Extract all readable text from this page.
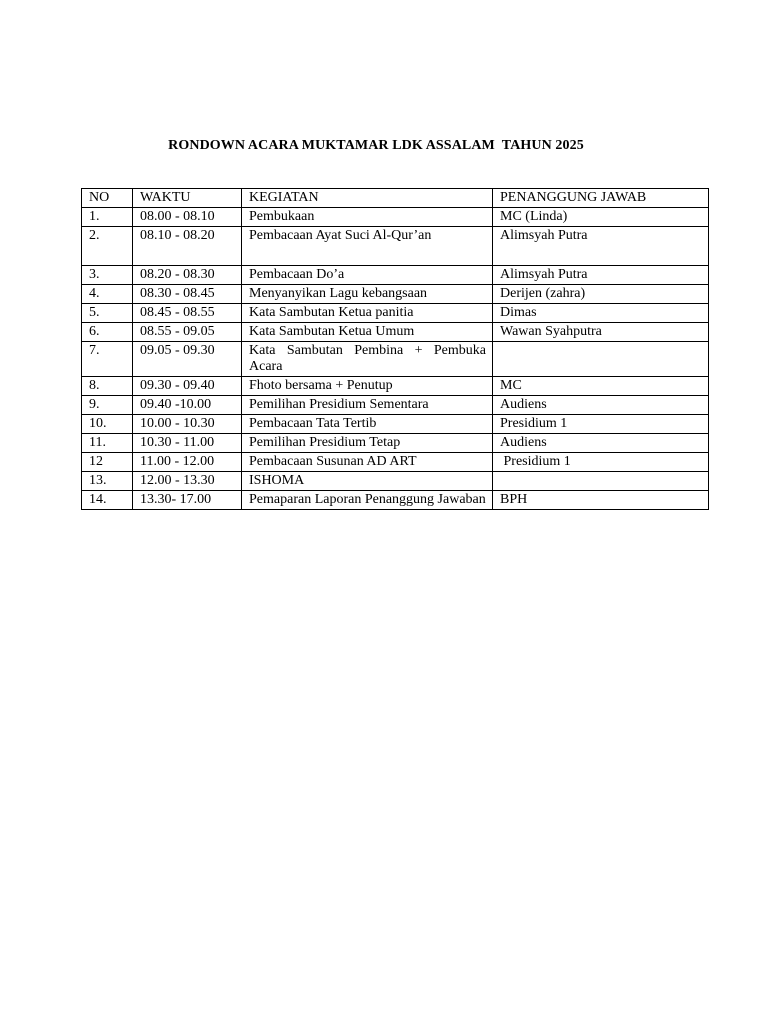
RONDOWN ACARA MUKTAMAR LDK ASSALAM  TAHUN 2025
NO	WAKTU	KEGIATAN	PENANGGUNG JAWAB
1.	08.00 - 08.10	Pembukaan	MC (Linda)
2.	08.10 - 08.20	Pembacaan Ayat Suci Al-Qur’an	Alimsyah Putra
3.	08.20 - 08.30	Pembacaan Do’a	Alimsyah Putra
4.	08.30 - 08.45	Menyanyikan Lagu kebangsaan	Derijen (zahra)
5.	08.45 - 08.55	Kata Sambutan Ketua panitia	Dimas
6.	08.55 - 09.05	Kata Sambutan Ketua Umum	Wawan Syahputra
7.	09.05 - 09.30	Kata Sambutan Pembina + Pembuka Acara	
8.	09.30 - 09.40	Fhoto bersama + Penutup	MC
9.	09.40 -10.00	Pemilihan Presidium Sementara	Audiens
10.	10.00 - 10.30	Pembacaan Tata Tertib	Presidium 1
11.	10.30 - 11.00	Pemilihan Presidium Tetap	Audiens
12	11.00 - 12.00	Pembacaan Susunan AD ART	Presidium 1
13.	12.00 - 13.30	ISHOMA	
14.	13.30- 17.00	Pemaparan Laporan Penanggung Jawaban	BPH
